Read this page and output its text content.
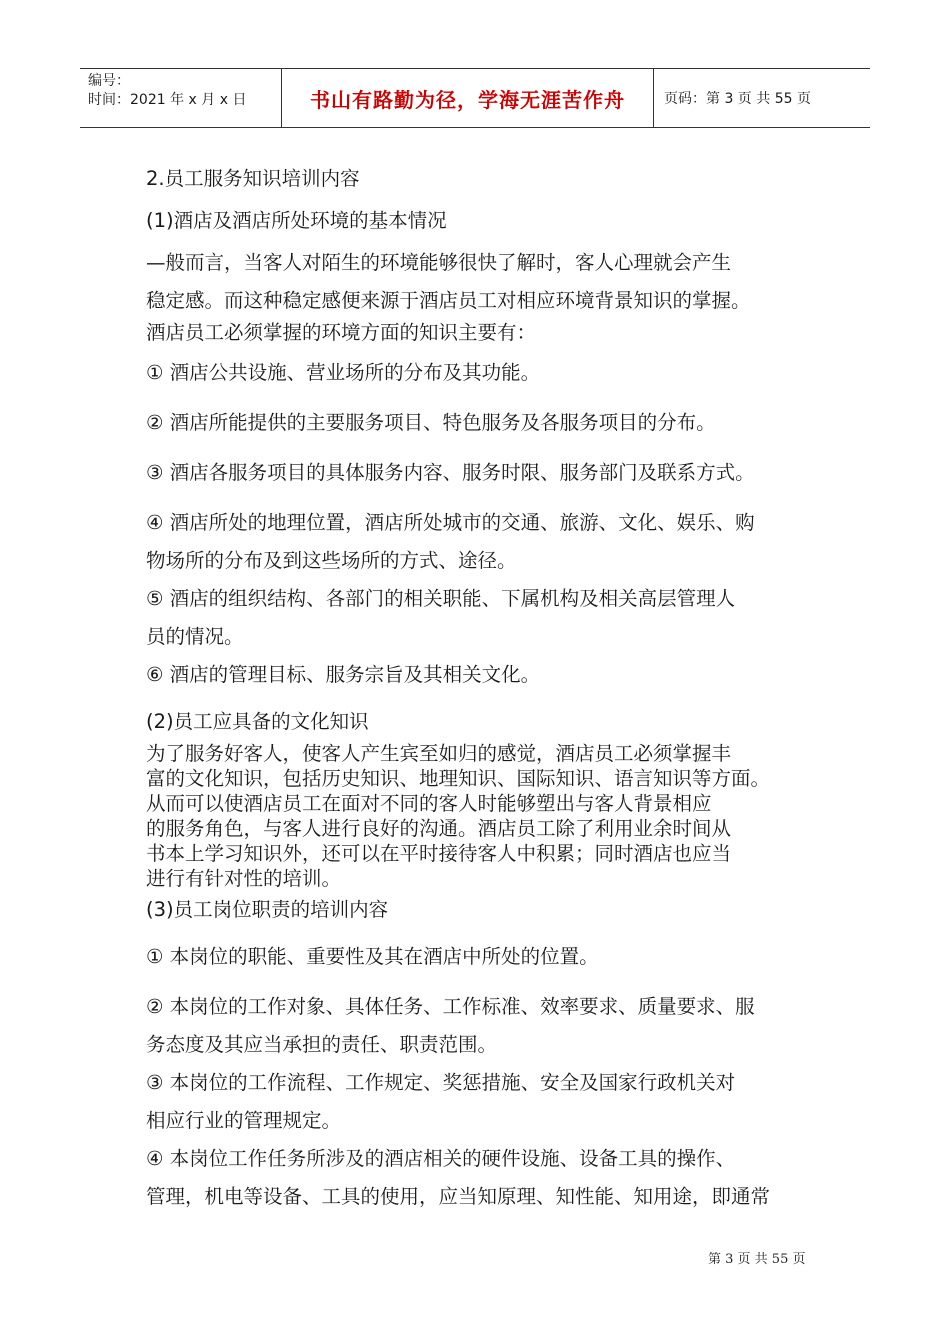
编号：
时间：2021 年 x 月 x 日	书山有路勤为径，学海无涯苦作舟	页码：第 3 页 共 55 页

2.员工服务知识培训内容

(1)酒店及酒店所处环境的基本情况

—般而言，当客人对陌生的环境能够很快了解时，客人心理就会产生

稳定感。而这种稳定感便来源于酒店员工对相应环境背景知识的掌握。

酒店员工必须掌握的环境方面的知识主要有：

① 酒店公共设施、营业场所的分布及其功能。

② 酒店所能提供的主要服务项目、特色服务及各服务项目的分布。

③ 酒店各服务项目的具体服务内容、服务时限、服务部门及联系方式。

④ 酒店所处的地理位置，酒店所处城市的交通、旅游、文化、娱乐、购

物场所的分布及到这些场所的方式、途径。

⑤ 酒店的组织结构、各部门的相关职能、下属机构及相关高层管理人

员的情况。

⑥ 酒店的管理目标、服务宗旨及其相关文化。

(2)员工应具备的文化知识

为了服务好客人，使客人产生宾至如归的感觉，酒店员工必须掌握丰

富的文化知识，包括历史知识、地理知识、国际知识、语言知识等方面。

从而可以使酒店员工在面对不同的客人时能够塑出与客人背景相应

的服务角色，与客人进行良好的沟通。酒店员工除了利用业余时间从

书本上学习知识外，还可以在平时接待客人中积累；同时酒店也应当

进行有针对性的培训。

(3)员工岗位职责的培训内容

① 本岗位的职能、重要性及其在酒店中所处的位置。

② 本岗位的工作对象、具体任务、工作标准、效率要求、质量要求、服

务态度及其应当承担的责任、职责范围。

③ 本岗位的工作流程、工作规定、奖惩措施、安全及国家行政机关对

相应行业的管理规定。

④ 本岗位工作任务所涉及的酒店相关的硬件设施、设备工具的操作、

管理，机电等设备、工具的使用，应当知原理、知性能、知用途，即通常

第 3 页 共 55 页
